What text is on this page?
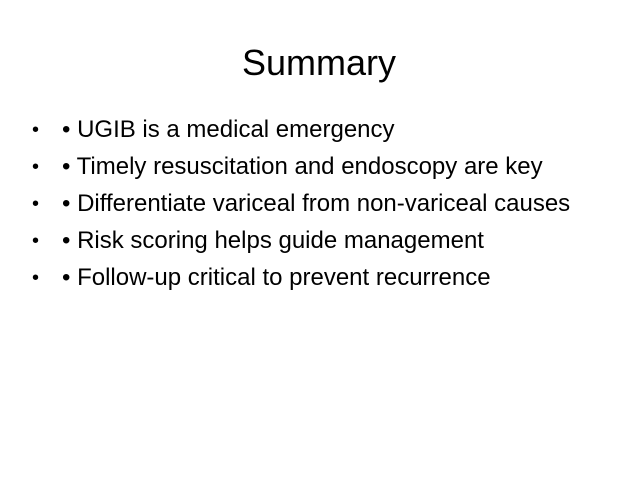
Summary
• • UGIB is a medical emergency
• • Timely resuscitation and endoscopy are key
• • Differentiate variceal from non-variceal causes
• • Risk scoring helps guide management
• • Follow-up critical to prevent recurrence
